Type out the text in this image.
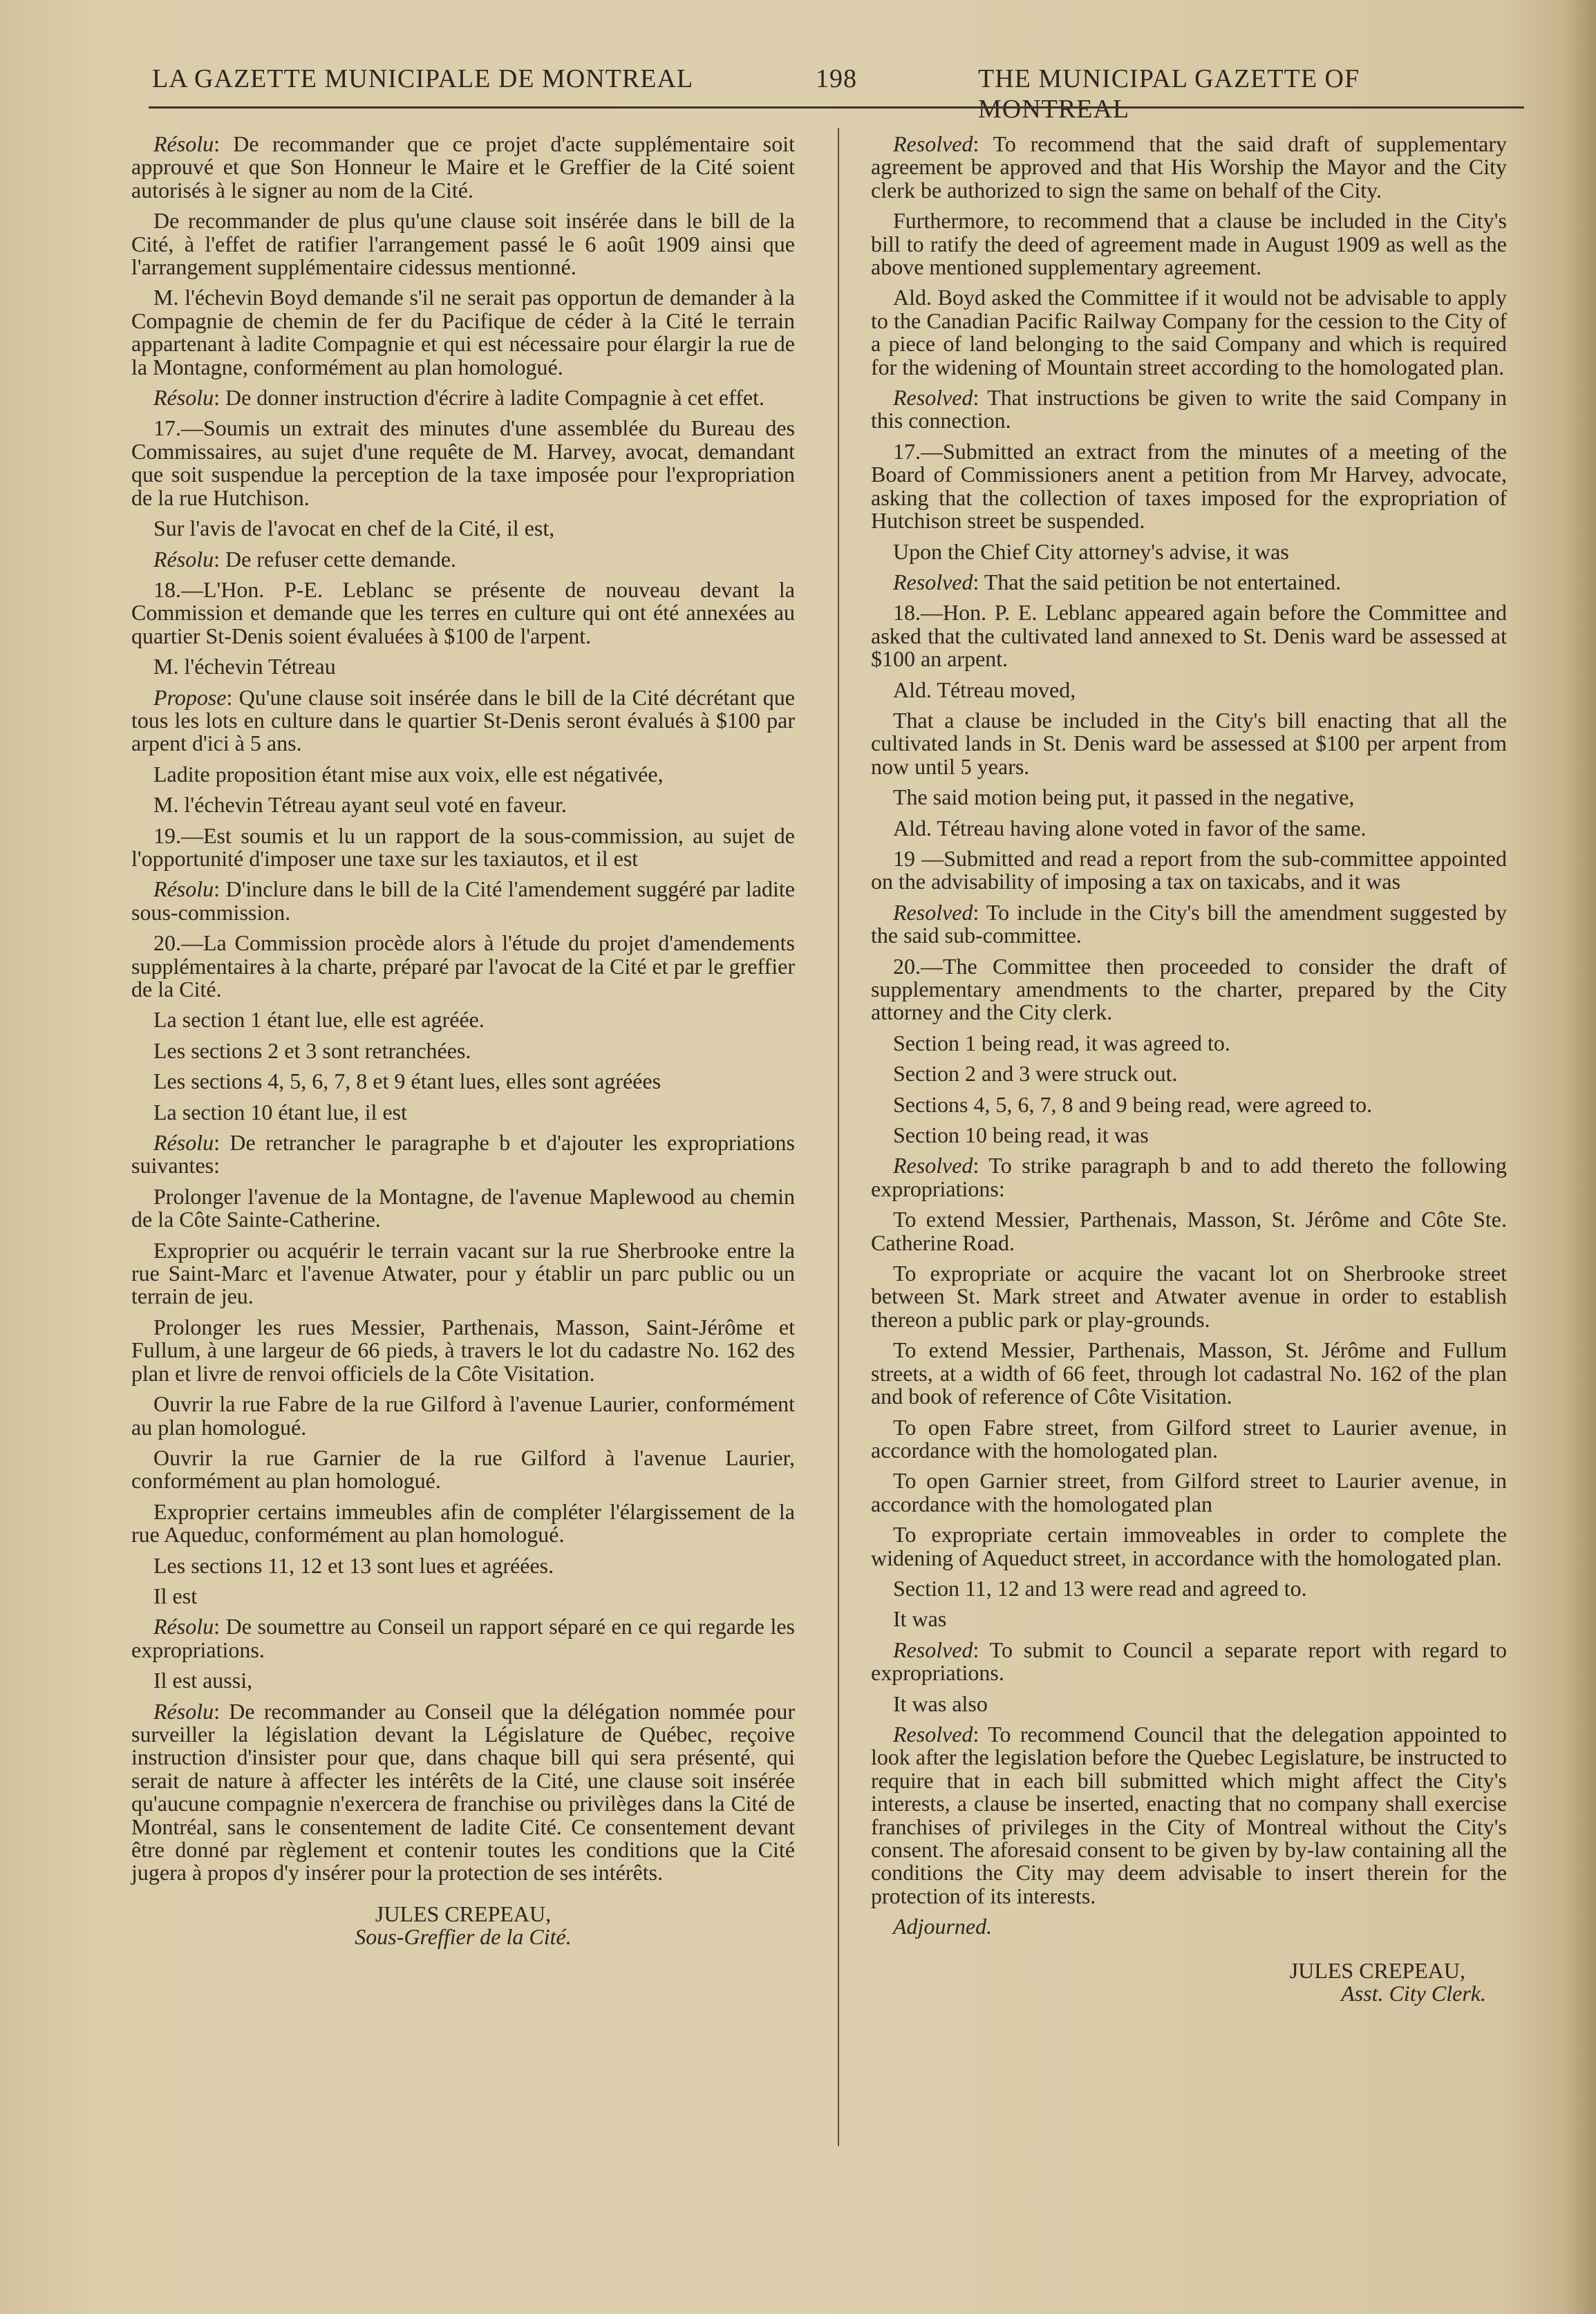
LA GAZETTE MUNICIPALE DE MONTREAL	198	THE MUNICIPAL GAZETTE OF MONTREAL

Résolu: De recommander que ce projet d'acte supplémentaire soit approuvé et que Son Honneur le Maire et le Greffier de la Cité soient autorisés à le signer au nom de la Cité.

De recommander de plus qu'une clause soit insérée dans le bill de la Cité, à l'effet de ratifier l'arrangement passé le 6 août 1909 ainsi que l'arrangement supplémentaire cidessus mentionné.

M. l'échevin Boyd demande s'il ne serait pas opportun de demander à la Compagnie de chemin de fer du Pacifique de céder à la Cité le terrain appartenant à ladite Compagnie et qui est nécessaire pour élargir la rue de la Montagne, conformément au plan homologué.

Résolu: De donner instruction d'écrire à ladite Compagnie à cet effet.

17.—Soumis un extrait des minutes d'une assemblée du Bureau des Commissaires, au sujet d'une requête de M. Harvey, avocat, demandant que soit suspendue la perception de la taxe imposée pour l'expropriation de la rue Hutchison.

Sur l'avis de l'avocat en chef de la Cité, il est,

Résolu: De refuser cette demande.

18.—L'Hon. P-E. Leblanc se présente de nouveau devant la Commission et demande que les terres en culture qui ont été annexées au quartier St-Denis soient évaluées à $100 de l'arpent.

M. l'échevin Tétreau

Propose: Qu'une clause soit insérée dans le bill de la Cité décrétant que tous les lots en culture dans le quartier St-Denis seront évalués à $100 par arpent d'ici à 5 ans.

Ladite proposition étant mise aux voix, elle est négativée,

M. l'échevin Tétreau ayant seul voté en faveur.

19.—Est soumis et lu un rapport de la sous-commission, au sujet de l'opportunité d'imposer une taxe sur les taxiautos, et il est

Résolu: D'inclure dans le bill de la Cité l'amendement suggéré par ladite sous-commission.

20.—La Commission procède alors à l'étude du projet d'amendements supplémentaires à la charte, préparé par l'avocat de la Cité et par le greffier de la Cité.

La section 1 étant lue, elle est agréée.

Les sections 2 et 3 sont retranchées.

Les sections 4, 5, 6, 7, 8 et 9 étant lues, elles sont agréées

La section 10 étant lue, il est

Résolu: De retrancher le paragraphe b et d'ajouter les expropriations suivantes:

Prolonger l'avenue de la Montagne, de l'avenue Maplewood au chemin de la Côte Sainte-Catherine.

Exproprier ou acquérir le terrain vacant sur la rue Sherbrooke entre la rue Saint-Marc et l'avenue Atwater, pour y établir un parc public ou un terrain de jeu.

Prolonger les rues Messier, Parthenais, Masson, Saint-Jérôme et Fullum, à une largeur de 66 pieds, à travers le lot du cadastre No. 162 des plan et livre de renvoi officiels de la Côte Visitation.

Ouvrir la rue Fabre de la rue Gilford à l'avenue Laurier, conformément au plan homologué.

Ouvrir la rue Garnier de la rue Gilford à l'avenue Laurier, conformément au plan homologué.

Exproprier certains immeubles afin de compléter l'élargissement de la rue Aqueduc, conformément au plan homologué.

Les sections 11, 12 et 13 sont lues et agréées.

Il est

Résolu: De soumettre au Conseil un rapport séparé en ce qui regarde les expropriations.

Il est aussi,

Résolu: De recommander au Conseil que la délégation nommée pour surveiller la législation devant la Législature de Québec, reçoive instruction d'insister pour que, dans chaque bill qui sera présenté, qui serait de nature à affecter les intérêts de la Cité, une clause soit insérée qu'aucune compagnie n'exercera de franchise ou privilèges dans la Cité de Montréal, sans le consentement de ladite Cité. Ce consentement devant être donné par règlement et contenir toutes les conditions que la Cité jugera à propos d'y insérer pour la protection de ses intérêts.

JULES CREPEAU,

Sous-Greffier de la Cité.

Resolved: To recommend that the said draft of supplementary agreement be approved and that His Worship the Mayor and the City clerk be authorized to sign the same on behalf of the City.

Furthermore, to recommend that a clause be included in the City's bill to ratify the deed of agreement made in August 1909 as well as the above mentioned supplementary agreement.

Ald. Boyd asked the Committee if it would not be advisable to apply to the Canadian Pacific Railway Company for the cession to the City of a piece of land belonging to the said Company and which is required for the widening of Mountain street according to the homologated plan.

Resolved: That instructions be given to write the said Company in this connection.

17.—Submitted an extract from the minutes of a meeting of the Board of Commissioners anent a petition from Mr Harvey, advocate, asking that the collection of taxes imposed for the expropriation of Hutchison street be suspended.

Upon the Chief City attorney's advise, it was

Resolved: That the said petition be not entertained.

18.—Hon. P. E. Leblanc appeared again before the Committee and asked that the cultivated land annexed to St. Denis ward be assessed at $100 an arpent.

Ald. Tétreau moved,

That a clause be included in the City's bill enacting that all the cultivated lands in St. Denis ward be assessed at $100 per arpent from now until 5 years.

The said motion being put, it passed in the negative,

Ald. Tétreau having alone voted in favor of the same.

19 —Submitted and read a report from the sub-committee appointed on the advisability of imposing a tax on taxicabs, and it was

Resolved: To include in the City's bill the amendment suggested by the said sub-committee.

20.—The Committee then proceeded to consider the draft of supplementary amendments to the charter, prepared by the City attorney and the City clerk.

Section 1 being read, it was agreed to.

Section 2 and 3 were struck out.

Sections 4, 5, 6, 7, 8 and 9 being read, were agreed to.

Section 10 being read, it was

Resolved: To strike paragraph b and to add thereto the following expropriations:

To extend Messier, Parthenais, Masson, St. Jérôme and Côte Ste. Catherine Road.

To expropriate or acquire the vacant lot on Sherbrooke street between St. Mark street and Atwater avenue in order to establish thereon a public park or play-grounds.

To extend Messier, Parthenais, Masson, St. Jérôme and Fullum streets, at a width of 66 feet, through lot cadastral No. 162 of the plan and book of reference of Côte Visitation.

To open Fabre street, from Gilford street to Laurier avenue, in accordance with the homologated plan.

To open Garnier street, from Gilford street to Laurier avenue, in accordance with the homologated plan

To expropriate certain immoveables in order to complete the widening of Aqueduct street, in accordance with the homologated plan.

Section 11, 12 and 13 were read and agreed to.

It was

Resolved: To submit to Council a separate report with regard to expropriations.

It was also

Resolved: To recommend Council that the delegation appointed to look after the legislation before the Quebec Legislature, be instructed to require that in each bill submitted which might affect the City's interests, a clause be inserted, enacting that no company shall exercise franchises of privileges in the City of Montreal without the City's consent. The aforesaid consent to be given by by-law containing all the conditions the City may deem advisable to insert therein for the protection of its interests.

Adjourned.

JULES CREPEAU,

Asst. City Clerk.
